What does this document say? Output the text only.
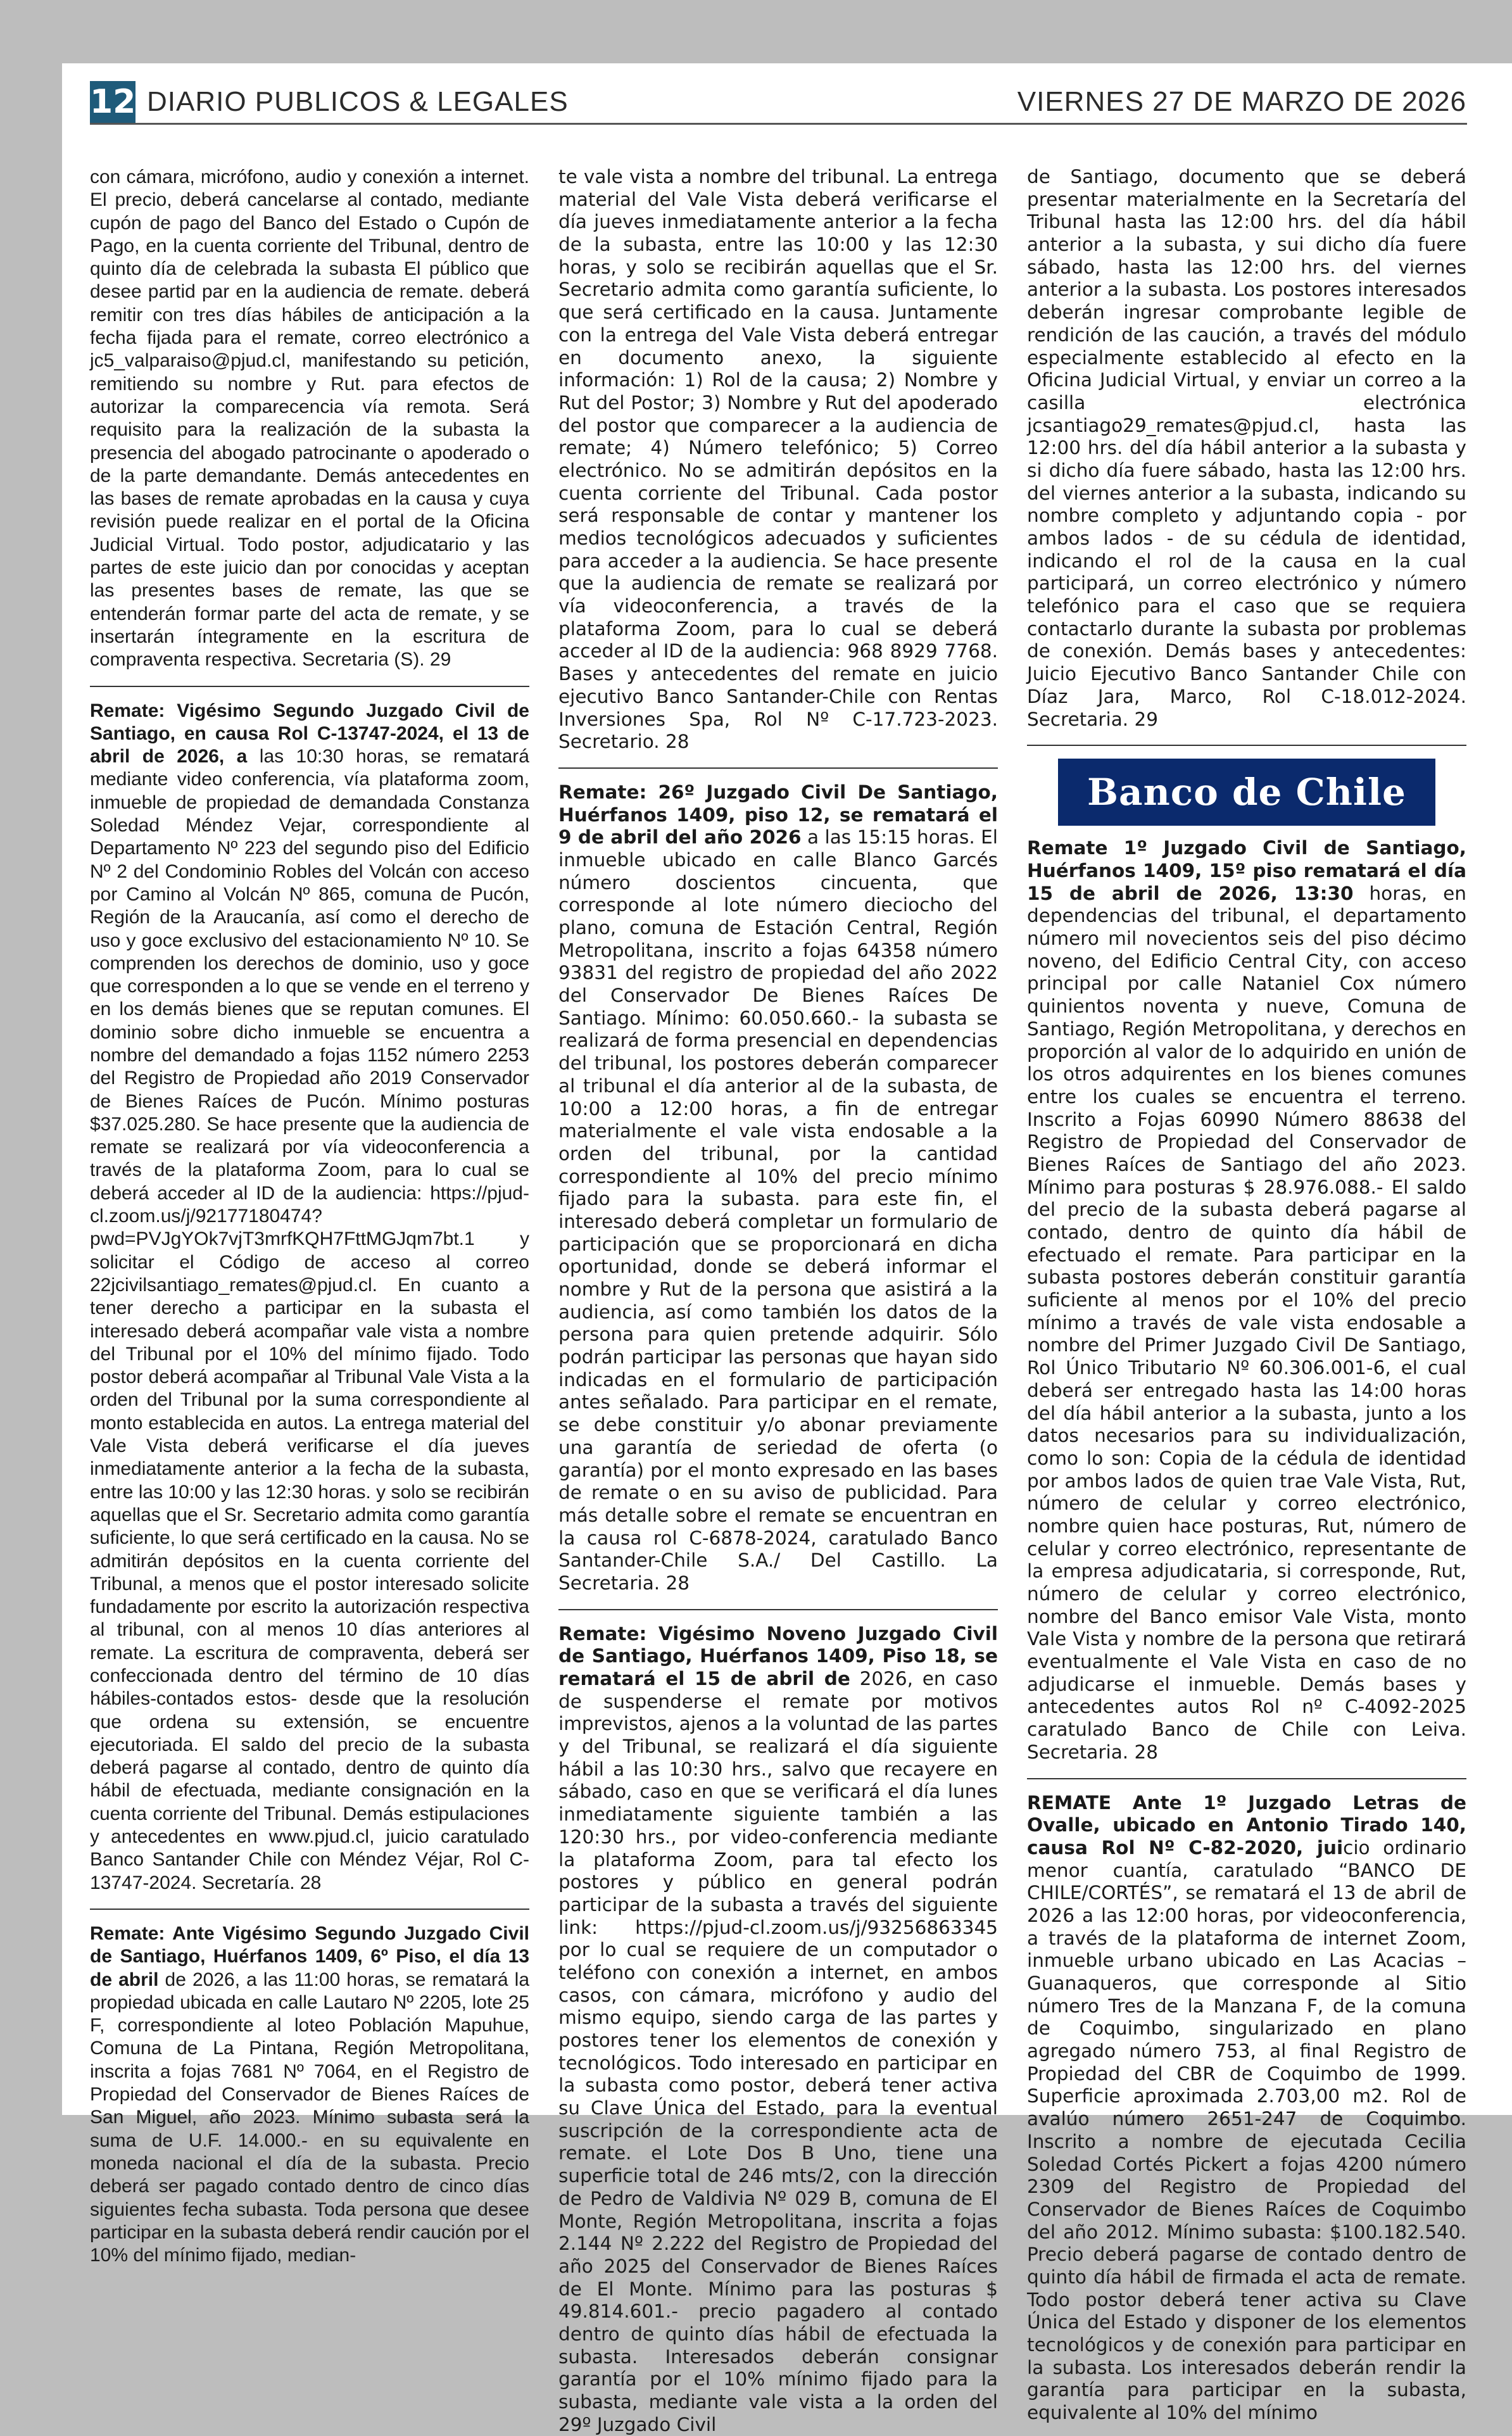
12 DIARIO PUBLICOS & LEGALES	VIERNES 27 DE MARZO DE 2026

con cámara, micrófono, audio y conexión a internet. El precio, deberá cancelarse al contado, mediante cupón de pago del Banco del Estado o Cupón de Pago, en la cuenta corriente del Tribunal, dentro de quinto día de celebrada la subasta El público que desee partid par en la audiencia de remate. deberá remitir con tres días hábiles de anticipación a la fecha fijada para el remate, correo electrónico a jc5_valparaiso@pjud.cl, manifestando su petición, remitiendo su nombre y Rut. para efectos de autorizar la comparecencia vía remota. Será requisito para la realización de la subasta la presencia del abogado patrocinante o apoderado o de la parte demandante. Demás antecedentes en las bases de remate aprobadas en la causa y cuya revisión puede realizar en el portal de la Oficina Judicial Virtual. Todo postor, adjudicatario y las partes de este juicio dan por conocidas y aceptan las presentes bases de remate, las que se entenderán formar parte del acta de remate, y se insertarán íntegramente en la escritura de compraventa respectiva. Secretaria (S). 29

Remate: Vigésimo Segundo Juzgado Civil de Santiago, en causa Rol C-13747-2024, el 13 de abril de 2026, a las 10:30 horas, se rematará mediante video conferencia, vía plataforma zoom, inmueble de propiedad de demandada Constanza Soledad Méndez Vejar, correspondiente al Departamento Nº 223 del segundo piso del Edificio Nº 2 del Condominio Robles del Volcán con acceso por Camino al Volcán Nº 865, comuna de Pucón, Región de la Araucanía, así como el derecho de uso y goce exclusivo del estacionamiento Nº 10. Se comprenden los derechos de dominio, uso y goce que corresponden a lo que se vende en el terreno y en los demás bienes que se reputan comunes. El dominio sobre dicho inmueble se encuentra a nombre del demandado a fojas 1152 número 2253 del Registro de Propiedad año 2019 Conservador de Bienes Raíces de Pucón. Mínimo posturas $37.025.280. Se hace presente que la audiencia de remate se realizará por vía videoconferencia a través de la plataforma Zoom, para lo cual se deberá acceder al ID de la audiencia: https://pjud-cl.zoom.us/j/92177180474?pwd=PVJgYOk7vjT3mrfKQH7FttMGJqm7bt.1 y solicitar el Código de acceso al correo 22jcivilsantiago_remates@pjud.cl. En cuanto a tener derecho a participar en la subasta el interesado deberá acompañar vale vista a nombre del Tribunal por el 10% del mínimo fijado. Todo postor deberá acompañar al Tribunal Vale Vista a la orden del Tribunal por la suma correspondiente al monto establecida en autos. La entrega material del Vale Vista deberá verificarse el día jueves inmediatamente anterior a la fecha de la subasta, entre las 10:00 y las 12:30 horas. y solo se recibirán aquellas que el Sr. Secretario admita como garantía suficiente, lo que será certificado en la causa. No se admitirán depósitos en la cuenta corriente del Tribunal, a menos que el postor interesado solicite fundadamente por escrito la autorización respectiva al tribunal, con al menos 10 días anteriores al remate. La escritura de compraventa, deberá ser confeccionada dentro del término de 10 días hábiles-contados estos- desde que la resolución que ordena su extensión, se encuentre ejecutoriada. El saldo del precio de la subasta deberá pagarse al contado, dentro de quinto día hábil de efectuada, mediante consignación en la cuenta corriente del Tribunal. Demás estipulaciones y antecedentes en www.pjud.cl, juicio caratulado Banco Santander Chile con Méndez Véjar, Rol C-13747-2024. Secretaría. 28

Remate: Ante Vigésimo Segundo Juzgado Civil de Santiago, Huérfanos 1409, 6º Piso, el día 13 de abril de 2026, a las 11:00 horas, se rematará la propiedad ubicada en calle Lautaro Nº 2205, lote 25 F, correspondiente al loteo Población Mapuhue, Comuna de La Pintana, Región Metropolitana, inscrita a fojas 7681 Nº 7064, en el Registro de Propiedad del Conservador de Bienes Raíces de San Miguel, año 2023. Mínimo subasta será la suma de U.F. 14.000.- en su equivalente en moneda nacional el día de la subasta. Precio deberá ser pagado contado dentro de cinco días siguientes fecha subasta. Toda persona que desee participar en la subasta deberá rendir caución por el 10% del mínimo fijado, median-

te vale vista a nombre del tribunal. La entrega material del Vale Vista deberá verificarse el día jueves inmediatamente anterior a la fecha de la subasta, entre las 10:00 y las 12:30 horas, y solo se recibirán aquellas que el Sr. Secretario admita como garantía suficiente, lo que será certificado en la causa. Juntamente con la entrega del Vale Vista deberá entregar en documento anexo, la siguiente información: 1) Rol de la causa; 2) Nombre y Rut del Postor; 3) Nombre y Rut del apoderado del postor que comparecer a la audiencia de remate; 4) Número telefónico; 5) Correo electrónico. No se admitirán depósitos en la cuenta corriente del Tribunal. Cada postor será responsable de contar y mantener los medios tecnológicos adecuados y suficientes para acceder a la audiencia. Se hace presente que la audiencia de remate se realizará por vía videoconferencia, a través de la plataforma Zoom, para lo cual se deberá acceder al ID de la audiencia: 968 8929 7768. Bases y antecedentes del remate en juicio ejecutivo Banco Santander-Chile con Rentas Inversiones Spa, Rol Nº C-17.723-2023. Secretario. 28

Remate: 26º Juzgado Civil De Santiago, Huérfanos 1409, piso 12, se rematará el 9 de abril del año 2026 a las 15:15 horas. El inmueble ubicado en calle Blanco Garcés número doscientos cincuenta, que corresponde al lote número dieciocho del plano, comuna de Estación Central, Región Metropolitana, inscrito a fojas 64358 número 93831 del registro de propiedad del año 2022 del Conservador De Bienes Raíces De Santiago. Mínimo: 60.050.660.- la subasta se realizará de forma presencial en dependencias del tribunal, los postores deberán comparecer al tribunal el día anterior al de la subasta, de 10:00 a 12:00 horas, a fin de entregar materialmente el vale vista endosable a la orden del tribunal, por la cantidad correspondiente al 10% del precio mínimo fijado para la subasta. para este fin, el interesado deberá completar un formulario de participación que se proporcionará en dicha oportunidad, donde se deberá informar el nombre y Rut de la persona que asistirá a la audiencia, así como también los datos de la persona para quien pretende adquirir. Sólo podrán participar las personas que hayan sido indicadas en el formulario de participación antes señalado. Para participar en el remate, se debe constituir y/o abonar previamente una garantía de seriedad de oferta (o garantía) por el monto expresado en las bases de remate o en su aviso de publicidad. Para más detalle sobre el remate se encuentran en la causa rol C-6878-2024, caratulado Banco Santander-Chile S.A./ Del Castillo. La Secretaria. 28

Remate: Vigésimo Noveno Juzgado Civil de Santiago, Huérfanos 1409, Piso 18, se rematará el 15 de abril de 2026, en caso de suspenderse el remate por motivos imprevistos, ajenos a la voluntad de las partes y del Tribunal, se realizará el día siguiente hábil a las 10:30 hrs., salvo que recayere en sábado, caso en que se verificará el día lunes inmediatamente siguiente también a las 120:30 hrs., por video-conferencia mediante la plataforma Zoom, para tal efecto los postores y público en general podrán participar de la subasta a través del siguiente link: https://pjud-cl.zoom.us/j/93256863345 por lo cual se requiere de un computador o teléfono con conexión a internet, en ambos casos, con cámara, micrófono y audio del mismo equipo, siendo carga de las partes y postores tener los elementos de conexión y tecnológicos. Todo interesado en participar en la subasta como postor, deberá tener activa su Clave Única del Estado, para la eventual suscripción de la correspondiente acta de remate. el Lote Dos B Uno, tiene una superficie total de 246 mts/2, con la dirección de Pedro de Valdivia Nº 029 B, comuna de El Monte, Región Metropolitana, inscrita a fojas 2.144 Nº 2.222 del Registro de Propiedad del año 2025 del Conservador de Bienes Raíces de El Monte. Mínimo para las posturas $ 49.814.601.- precio pagadero al contado dentro de quinto días hábil de efectuada la subasta. Interesados deberán consignar garantía por el 10% mínimo fijado para la subasta, mediante vale vista a la orden del 29º Juzgado Civil

de Santiago, documento que se deberá presentar materialmente en la Secretaría del Tribunal hasta las 12:00 hrs. del día hábil anterior a la subasta, y sui dicho día fuere sábado, hasta las 12:00 hrs. del viernes anterior a la subasta. Los postores interesados deberán ingresar comprobante legible de rendición de las caución, a través del módulo especialmente establecido al efecto en la Oficina Judicial Virtual, y enviar un correo a la casilla electrónica jcsantiago29_remates@pjud.cl, hasta las 12:00 hrs. del día hábil anterior a la subasta y si dicho día fuere sábado, hasta las 12:00 hrs. del viernes anterior a la subasta, indicando su nombre completo y adjuntando copia - por ambos lados - de su cédula de identidad, indicando el rol de la causa en la cual participará, un correo electrónico y número telefónico para el caso que se requiera contactarlo durante la subasta por problemas de conexión. Demás bases y antecedentes: Juicio Ejecutivo Banco Santander Chile con Díaz Jara, Marco, Rol C-18.012-2024. Secretaria. 29

Banco de Chile

Remate 1º Juzgado Civil de Santiago, Huérfanos 1409, 15º piso rematará el día 15 de abril de 2026, 13:30 horas, en dependencias del tribunal, el departamento número mil novecientos seis del piso décimo noveno, del Edificio Central City, con acceso principal por calle Nataniel Cox número quinientos noventa y nueve, Comuna de Santiago, Región Metropolitana, y derechos en proporción al valor de lo adquirido en unión de los otros adquirentes en los bienes comunes entre los cuales se encuentra el terreno. Inscrito a Fojas 60990 Número 88638 del Registro de Propiedad del Conservador de Bienes Raíces de Santiago del año 2023. Mínimo para posturas $ 28.976.088.- El saldo del precio de la subasta deberá pagarse al contado, dentro de quinto día hábil de efectuado el remate. Para participar en la subasta postores deberán constituir garantía suficiente al menos por el 10% del precio mínimo a través de vale vista endosable a nombre del Primer Juzgado Civil De Santiago, Rol Único Tributario Nº 60.306.001-6, el cual deberá ser entregado hasta las 14:00 horas del día hábil anterior a la subasta, junto a los datos necesarios para su individualización, como lo son: Copia de la cédula de identidad por ambos lados de quien trae Vale Vista, Rut, número de celular y correo electrónico, nombre quien hace posturas, Rut, número de celular y correo electrónico, representante de la empresa adjudicataria, si corresponde, Rut, número de celular y correo electrónico, nombre del Banco emisor Vale Vista, monto Vale Vista y nombre de la persona que retirará eventualmente el Vale Vista en caso de no adjudicarse el inmueble. Demás bases y antecedentes autos Rol nº C-4092-2025 caratulado Banco de Chile con Leiva. Secretaria. 28

REMATE Ante 1º Juzgado Letras de Ovalle, ubicado en Antonio Tirado 140, causa Rol Nº C-82-2020, juicio ordinario menor cuantía, caratulado “BANCO DE CHILE/CORTÉS”, se rematará el 13 de abril de 2026 a las 12:00 horas, por videoconferencia, a través de la plataforma de internet Zoom, inmueble urbano ubicado en Las Acacias – Guanaqueros, que corresponde al Sitio número Tres de la Manzana F, de la comuna de Coquimbo, singularizado en plano agregado número 753, al final Registro de Propiedad del CBR de Coquimbo de 1999. Superficie aproximada 2.703,00 m2. Rol de avalúo número 2651-247 de Coquimbo. Inscrito a nombre de ejecutada Cecilia Soledad Cortés Pickert a fojas 4200 número 2309 del Registro de Propiedad del Conservador de Bienes Raíces de Coquimbo del año 2012. Mínimo subasta: $100.182.540. Precio deberá pagarse de contado dentro de quinto día hábil de firmada el acta de remate. Todo postor deberá tener activa su Clave Única del Estado y disponer de los elementos tecnológicos y de conexión para participar en la subasta. Los interesados deberán rendir la garantía para participar en la subasta, equivalente al 10% del mínimo
